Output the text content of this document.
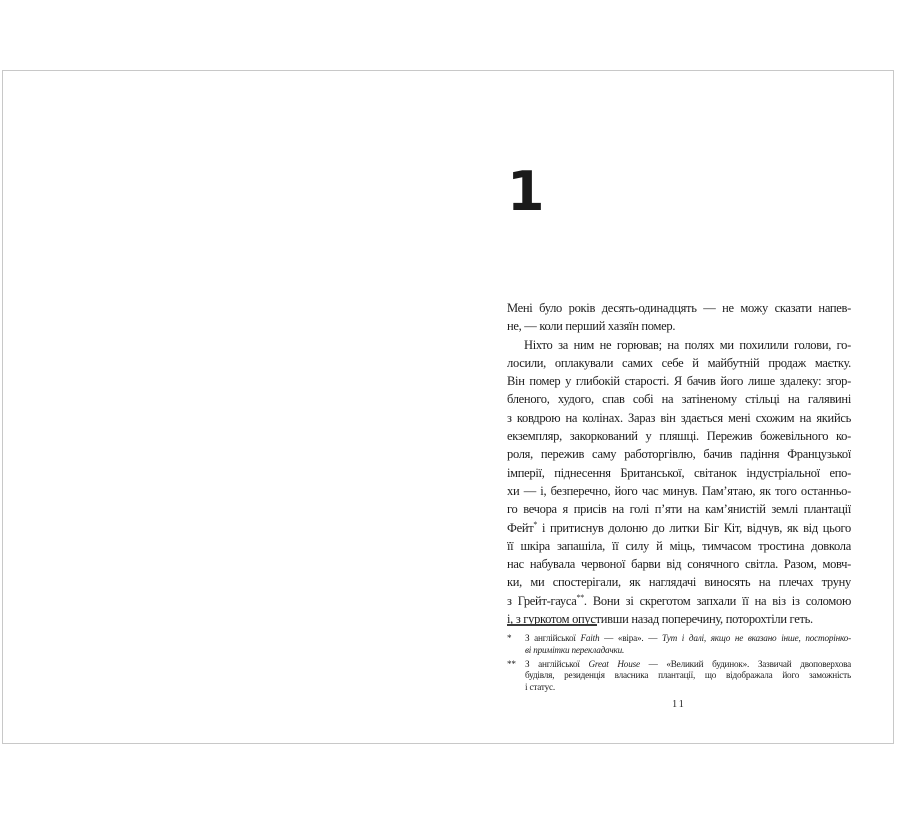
1
Мені було років десять-одинадцять — не можу сказати напев-
не, — коли перший хазяїн помер.
Ніхто за ним не горював; на полях ми похилили голови, го-
лосили, оплакували самих себе й майбутній продаж маєтку.
Він помер у глибокій старості. Я бачив його лише здалеку: згор-
бленого, худого, спав собі на затіненому стільці на галявині
з ковдрою на колінах. Зараз він здається мені схожим на якийсь
екземпляр, закоркований у пляшці. Пережив божевільного ко-
роля, пережив саму работоргівлю, бачив падіння Французької
імперії, піднесення Британської, світанок індустріальної епо-
хи — і, безперечно, його час минув. Пам’ятаю, як того останньо-
го вечора я присів на голі п’яти на кам’янистій землі плантації
Фейт* і притиснув долоню до литки Біг Кіт, відчув, як від цього
її шкіра запашіла, її силу й міць, тимчасом тростина довкола
нас набувала червоної барви від сонячного світла. Разом, мовч-
ки, ми спостерігали, як наглядачі виносять на плечах труну
з Грейт-гауса**. Вони зі скреготом запхали її на віз із соломою
і, з гуркотом опустивши назад поперечину, поторохтіли геть.
* З англійської Faith — «віра». — Тут і далі, якщо не вказано інше, посторінко-
ві примітки перекладачки.
** З англійської Great House — «Великий будинок». Зазвичай двоповерхова
будівля, резиденція власника плантації, що відображала його заможність
і статус.
11
